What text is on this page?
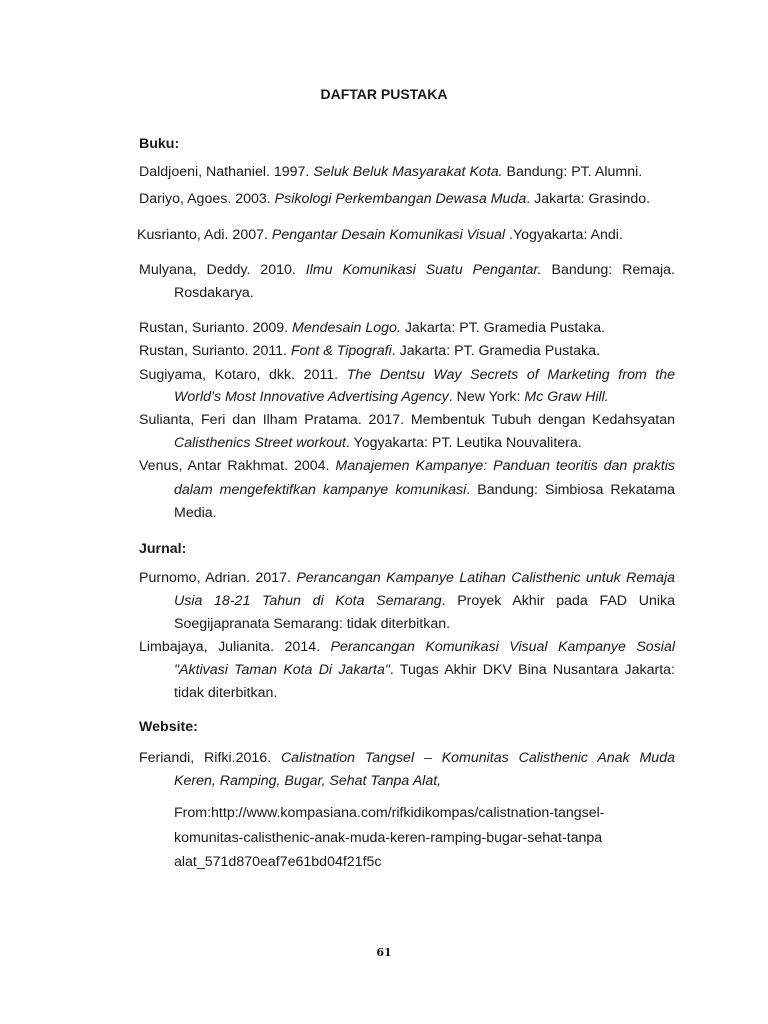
DAFTAR PUSTAKA
Buku:
Daldjoeni, Nathaniel. 1997. Seluk Beluk Masyarakat Kota. Bandung: PT. Alumni.
Dariyo, Agoes. 2003. Psikologi Perkembangan Dewasa Muda. Jakarta: Grasindo.
Kusrianto, Adi. 2007. Pengantar Desain Komunikasi Visual .Yogyakarta: Andi.
Mulyana, Deddy. 2010. Ilmu Komunikasi Suatu Pengantar. Bandung: Remaja.
Rosdakarya.
Rustan, Surianto. 2009. Mendesain Logo. Jakarta: PT. Gramedia Pustaka.
Rustan, Surianto. 2011. Font & Tipografi. Jakarta: PT. Gramedia Pustaka.
Sugiyama, Kotaro, dkk. 2011. The Dentsu Way Secrets of Marketing from the
World’s Most Innovative Advertising Agency. New York: Mc Graw Hill.
Sulianta, Feri dan Ilham Pratama. 2017. Membentuk Tubuh dengan Kedahsyatan
Calisthenics Street workout. Yogyakarta: PT. Leutika Nouvalitera.
Venus, Antar Rakhmat. 2004. Manajemen Kampanye: Panduan teoritis dan praktis
dalam mengefektifkan kampanye komunikasi. Bandung: Simbiosa Rekatama
Media.
Jurnal:
Purnomo, Adrian. 2017. Perancangan Kampanye Latihan Calisthenic untuk Remaja
Usia 18-21 Tahun di Kota Semarang. Proyek Akhir pada FAD Unika
Soegijapranata Semarang: tidak diterbitkan.
Limbajaya, Julianita. 2014. Perancangan Komunikasi Visual Kampanye Sosial
"Aktivasi Taman Kota Di Jakarta". Tugas Akhir DKV Bina Nusantara Jakarta:
tidak diterbitkan.
Website:
Feriandi, Rifki.2016. Calistnation Tangsel – Komunitas Calisthenic Anak Muda
Keren, Ramping, Bugar, Sehat Tanpa Alat,
From:http://www.kompasiana.com/rifkidikompas/calistnation-tangsel-
komunitas-calisthenic-anak-muda-keren-ramping-bugar-sehat-tanpa
alat_571d870eaf7e61bd04f21f5c
61
